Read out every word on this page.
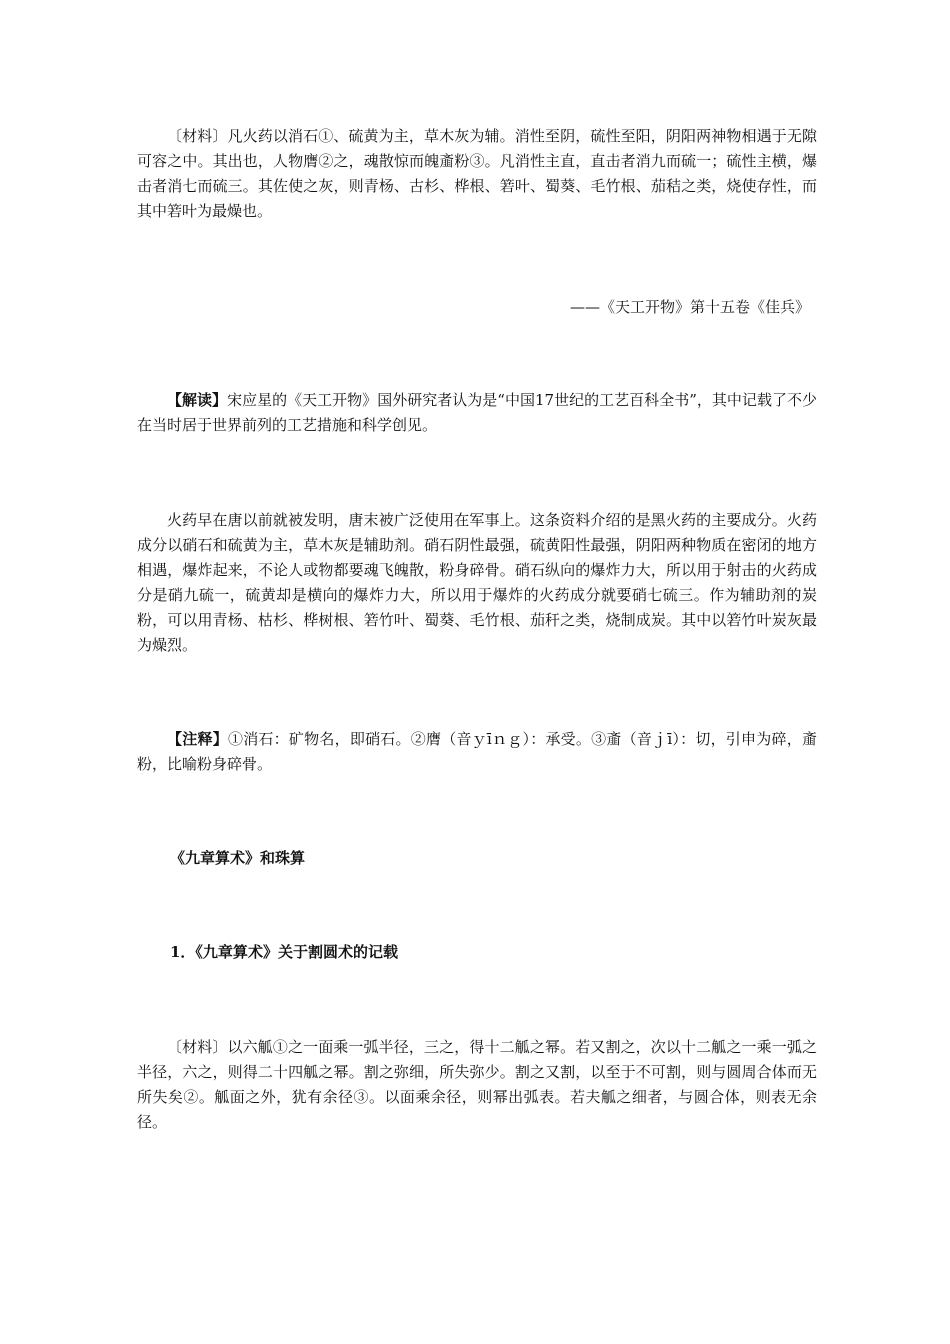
〔材料〕凡火药以消石①、硫黄为主，草木灰为辅。消性至阴，硫性至阳，阴阳两神物相遇于无隙可容之中。其出也，人物膺②之，魂散惊而魄齑粉③。凡消性主直，直击者消九而硫一；硫性主横，爆击者消七而硫三。其佐使之灰，则青杨、古杉、桦根、箬叶、蜀葵、毛竹根、茄秸之类，烧使存性，而其中箬叶为最燥也。

——《天工开物》第十五卷《佳兵》

【解读】宋应星的《天工开物》国外研究者认为是“中国17世纪的工艺百科全书”，其中记载了不少在当时居于世界前列的工艺措施和科学创见。

火药早在唐以前就被发明，唐末被广泛使用在军事上。这条资料介绍的是黑火药的主要成分。火药成分以硝石和硫黄为主，草木灰是辅助剂。硝石阴性最强，硫黄阳性最强，阴阳两种物质在密闭的地方相遇，爆炸起来，不论人或物都要魂飞魄散，粉身碎骨。硝石纵向的爆炸力大，所以用于射击的火药成分是硝九硫一，硫黄却是横向的爆炸力大，所以用于爆炸的火药成分就要硝七硫三。作为辅助剂的炭粉，可以用青杨、枯杉、桦树根、箬竹叶、蜀葵、毛竹根、茄秆之类，烧制成炭。其中以箬竹叶炭灰最为燥烈。

【注释】①消石：矿物名，即硝石。②膺（音ｙīｎｇ）：承受。③齑（音ｊī）：切，引申为碎，齑粉，比喻粉身碎骨。

《九章算术》和珠算

1．《九章算术》关于割圆术的记载

〔材料〕以六觚①之一面乘一弧半径，三之，得十二觚之幂。若又割之，次以十二觚之一乘一弧之半径，六之，则得二十四觚之幂。割之弥细，所失弥少。割之又割，以至于不可割，则与圆周合体而无所失矣②。觚面之外，犹有余径③。以面乘余径，则幂出弧表。若夫觚之细者，与圆合体，则表无余径。
